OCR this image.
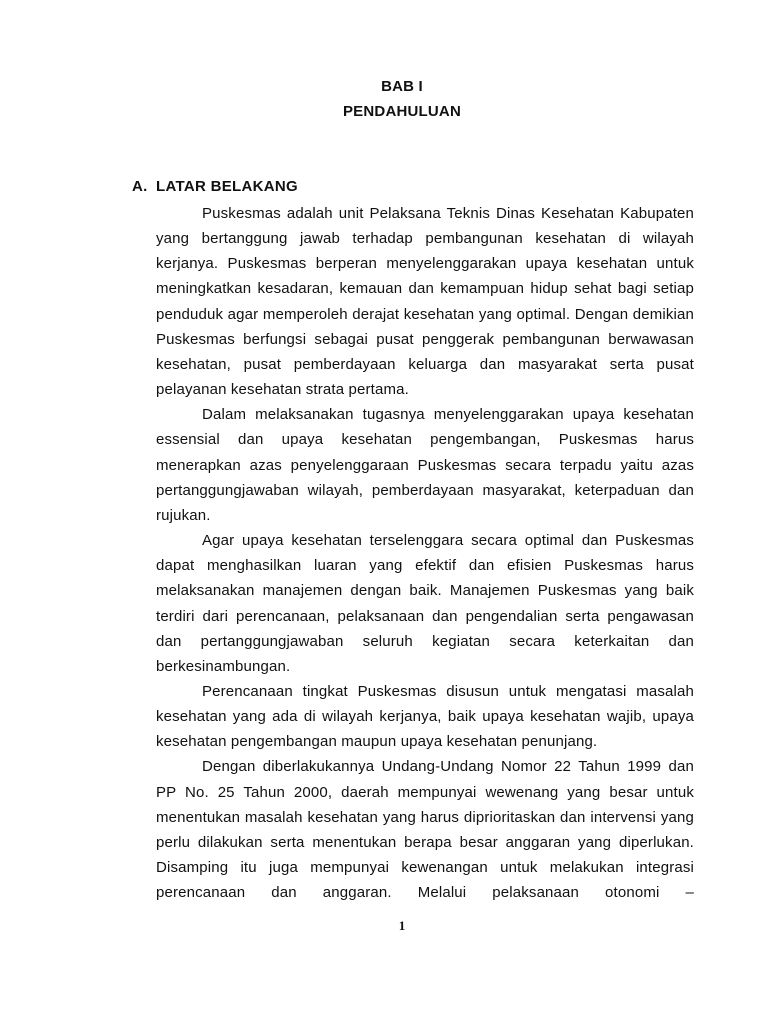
BAB I
PENDAHULUAN
A. LATAR BELAKANG

Puskesmas adalah unit Pelaksana Teknis Dinas Kesehatan Kabupaten yang bertanggung jawab terhadap pembangunan kesehatan di wilayah kerjanya. Puskesmas berperan menyelenggarakan upaya kesehatan untuk meningkatkan kesadaran, kemauan dan kemampuan hidup sehat bagi setiap penduduk agar memperoleh derajat kesehatan yang optimal. Dengan demikian Puskesmas berfungsi sebagai pusat penggerak pembangunan berwawasan kesehatan, pusat pemberdayaan keluarga dan masyarakat serta pusat pelayanan kesehatan strata pertama.

Dalam melaksanakan tugasnya menyelenggarakan upaya kesehatan essensial dan upaya kesehatan pengembangan, Puskesmas harus menerapkan azas penyelenggaraan Puskesmas secara terpadu yaitu azas pertanggungjawaban wilayah, pemberdayaan masyarakat, keterpaduan dan rujukan.

Agar upaya kesehatan terselenggara secara optimal dan Puskesmas dapat menghasilkan luaran yang efektif dan efisien Puskesmas harus melaksanakan manajemen dengan baik. Manajemen Puskesmas yang baik terdiri dari perencanaan, pelaksanaan dan pengendalian serta pengawasan dan pertanggungjawaban seluruh kegiatan secara keterkaitan dan berkesinambungan.

Perencanaan tingkat Puskesmas disusun untuk mengatasi masalah kesehatan yang ada di wilayah kerjanya, baik upaya kesehatan wajib, upaya kesehatan pengembangan maupun upaya kesehatan penunjang.

Dengan diberlakukannya Undang-Undang Nomor 22 Tahun 1999 dan PP No. 25 Tahun 2000, daerah mempunyai wewenang yang besar untuk menentukan masalah kesehatan yang harus diprioritaskan dan intervensi yang perlu dilakukan serta menentukan berapa besar anggaran yang diperlukan. Disamping itu juga mempunyai kewenangan untuk melakukan integrasi perencanaan dan anggaran. Melalui pelaksanaan otonomi –

1
